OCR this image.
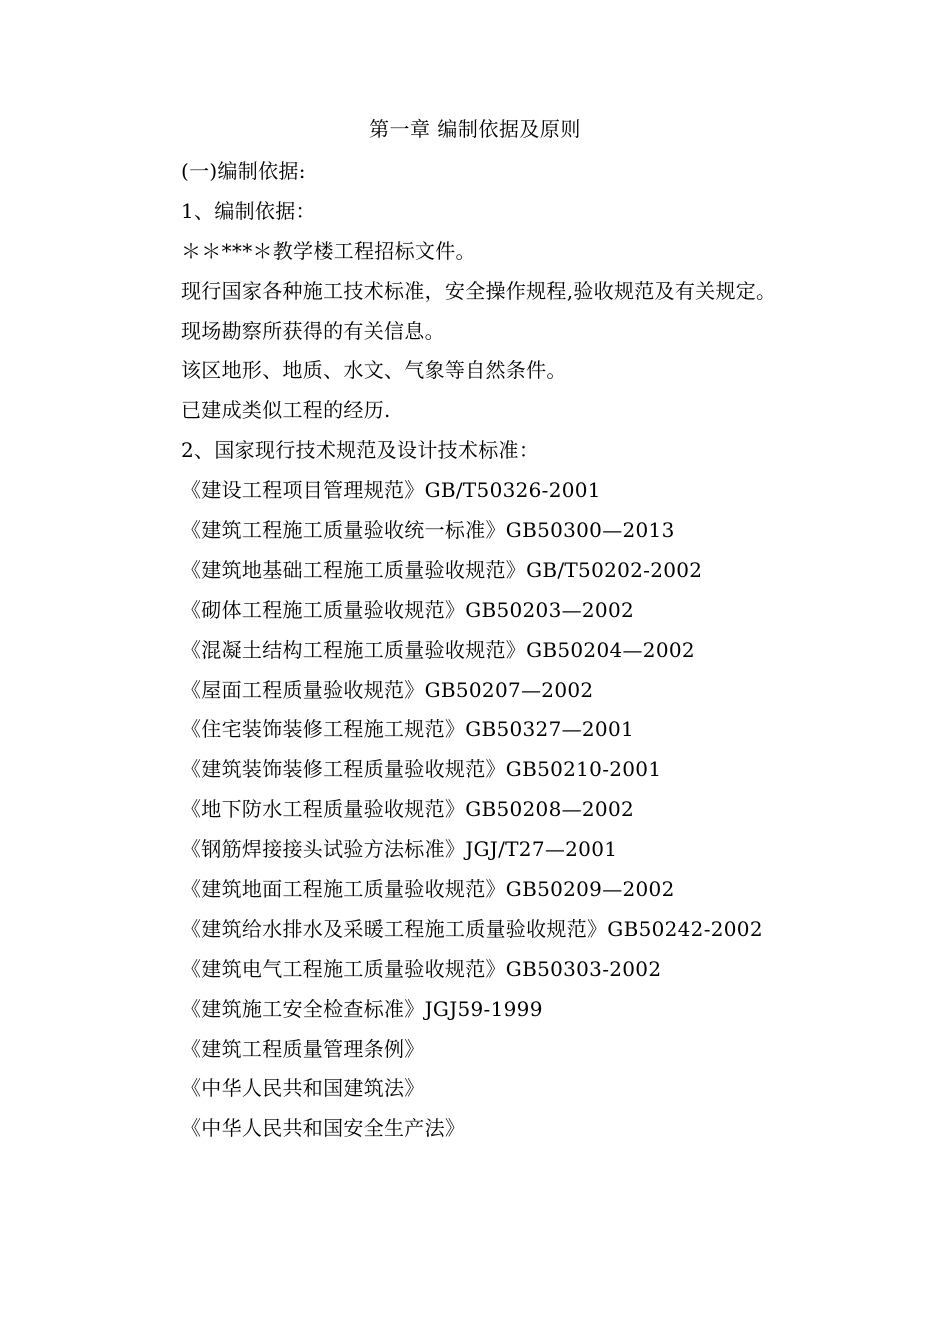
第一章 编制依据及原则
(一)编制依据:
1、编制依据：
＊＊***＊教学楼工程招标文件。
现行国家各种施工技术标准，安全操作规程,验收规范及有关规定。
现场勘察所获得的有关信息。
该区地形、地质、水文、气象等自然条件。
已建成类似工程的经历.
2、国家现行技术规范及设计技术标准：
《建设工程项目管理规范》GB/T50326-2001
《建筑工程施工质量验收统一标准》GB50300—2013
《建筑地基础工程施工质量验收规范》GB/T50202-2002
《砌体工程施工质量验收规范》GB50203—2002
《混凝土结构工程施工质量验收规范》GB50204—2002
《屋面工程质量验收规范》GB50207—2002
《住宅装饰装修工程施工规范》GB50327—2001
《建筑装饰装修工程质量验收规范》GB50210-2001
《地下防水工程质量验收规范》GB50208—2002
《钢筋焊接接头试验方法标准》JGJ/T27—2001
《建筑地面工程施工质量验收规范》GB50209—2002
《建筑给水排水及采暖工程施工质量验收规范》GB50242-2002
《建筑电气工程施工质量验收规范》GB50303-2002
《建筑施工安全检查标准》JGJ59-1999
《建筑工程质量管理条例》
《中华人民共和国建筑法》
《中华人民共和国安全生产法》
